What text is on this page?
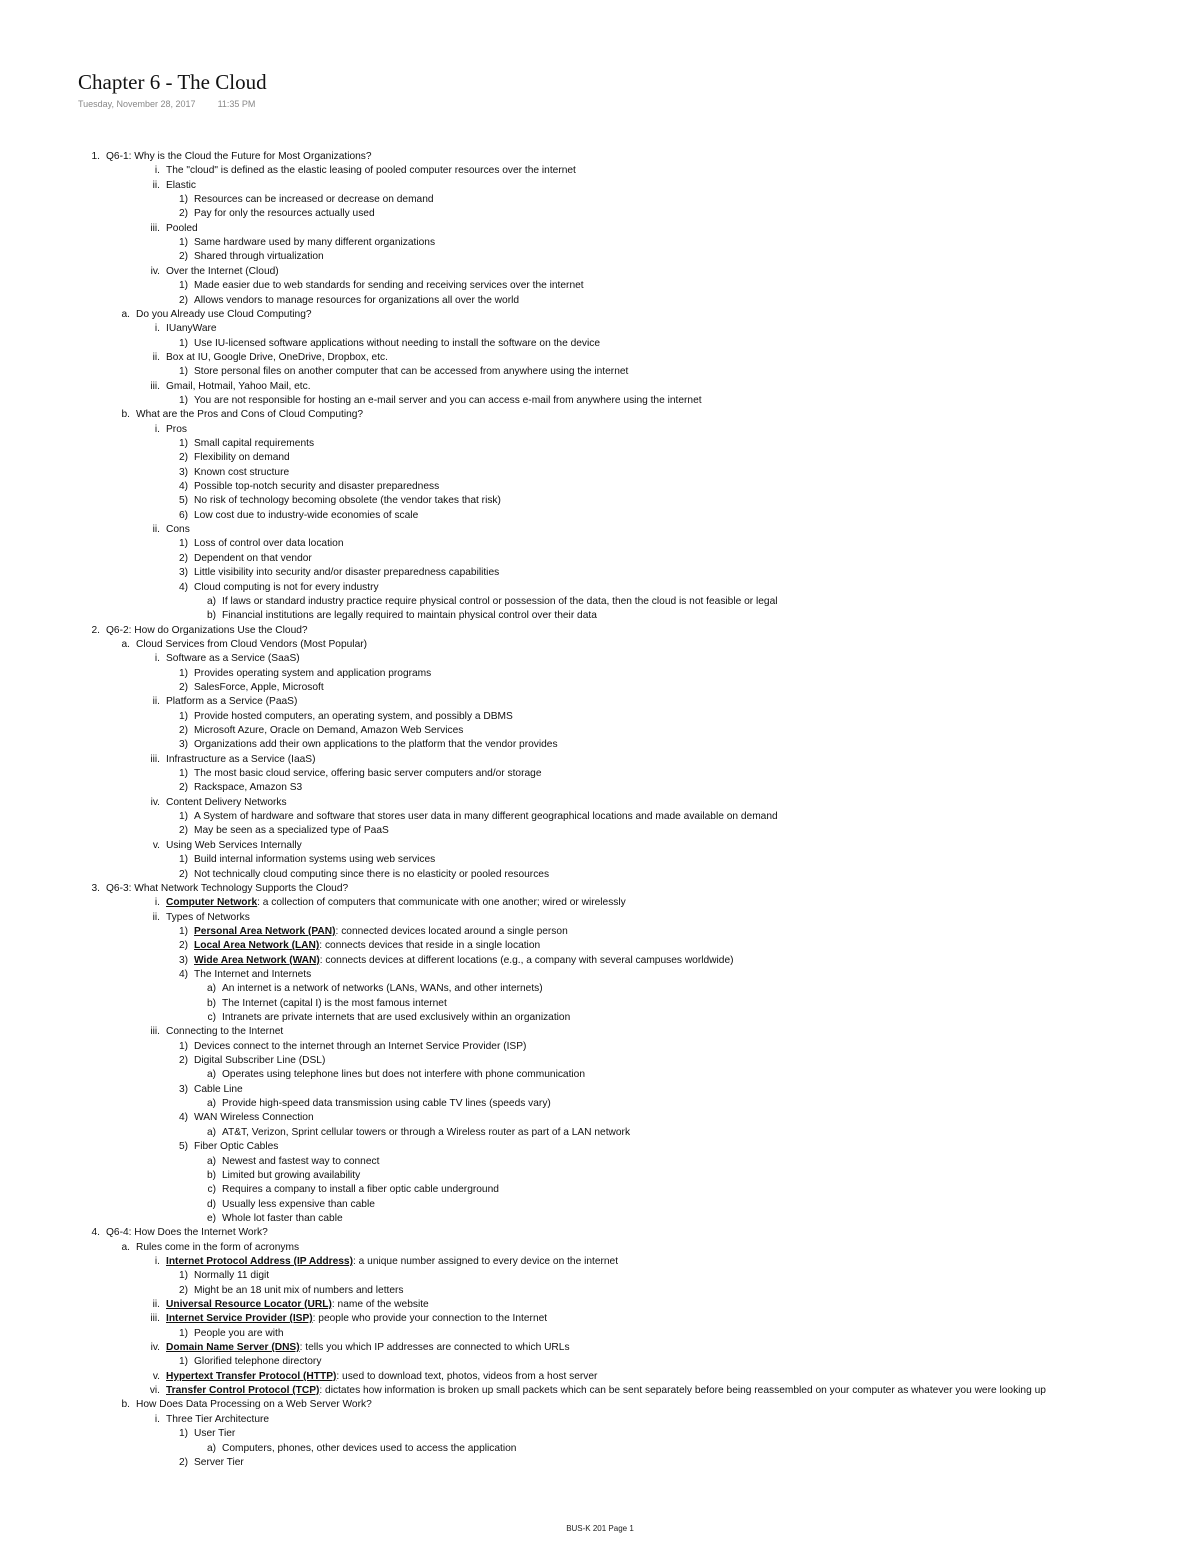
Chapter 6 - The Cloud
Tuesday, November 28, 2017 11:35 PM
1. Q6-1: Why is the Cloud the Future for Most Organizations?
i. The "cloud" is defined as the elastic leasing of pooled computer resources over the internet
ii. Elastic
1) Resources can be increased or decrease on demand
2) Pay for only the resources actually used
iii. Pooled
1) Same hardware used by many different organizations
2) Shared through virtualization
iv. Over the Internet (Cloud)
1) Made easier due to web standards for sending and receiving services over the internet
2) Allows vendors to manage resources for organizations all over the world
a. Do you Already use Cloud Computing?
i. IUanyWare
1) Use IU-licensed software applications without needing to install the software on the device
ii. Box at IU, Google Drive, OneDrive, Dropbox, etc.
1) Store personal files on another computer that can be accessed from anywhere using the internet
iii. Gmail, Hotmail, Yahoo Mail, etc.
1) You are not responsible for hosting an e-mail server and you can access e-mail from anywhere using the internet
b. What are the Pros and Cons of Cloud Computing?
i. Pros
1) Small capital requirements
2) Flexibility on demand
3) Known cost structure
4) Possible top-notch security and disaster preparedness
5) No risk of technology becoming obsolete (the vendor takes that risk)
6) Low cost due to industry-wide economies of scale
ii. Cons
1) Loss of control over data location
2) Dependent on that vendor
3) Little visibility into security and/or disaster preparedness capabilities
4) Cloud computing is not for every industry
a) If laws or standard industry practice require physical control or possession of the data, then the cloud is not feasible or legal
b) Financial institutions are legally required to maintain physical control over their data
2. Q6-2: How do Organizations Use the Cloud?
a. Cloud Services from Cloud Vendors (Most Popular)
i. Software as a Service (SaaS)
1) Provides operating system and application programs
2) SalesForce, Apple, Microsoft
ii. Platform as a Service (PaaS)
1) Provide hosted computers, an operating system, and possibly a DBMS
2) Microsoft Azure, Oracle on Demand, Amazon Web Services
3) Organizations add their own applications to the platform that the vendor provides
iii. Infrastructure as a Service (IaaS)
1) The most basic cloud service, offering basic server computers and/or storage
2) Rackspace, Amazon S3
iv. Content Delivery Networks
1) A System of hardware and software that stores user data in many different geographical locations and made available on demand
2) May be seen as a specialized type of PaaS
v. Using Web Services Internally
1) Build internal information systems using web services
2) Not technically cloud computing since there is no elasticity or pooled resources
3. Q6-3: What Network Technology Supports the Cloud?
i. Computer Network: a collection of computers that communicate with one another; wired or wirelessly
ii. Types of Networks
1) Personal Area Network (PAN): connected devices located around a single person
2) Local Area Network (LAN): connects devices that reside in a single location
3) Wide Area Network (WAN): connects devices at different locations (e.g., a company with several campuses worldwide)
4) The Internet and Internets
a) An internet is a network of networks (LANs, WANs, and other internets)
b) The Internet (capital I) is the most famous internet
c) Intranets are private internets that are used exclusively within an organization
iii. Connecting to the Internet
1) Devices connect to the internet through an Internet Service Provider (ISP)
2) Digital Subscriber Line (DSL)
a) Operates using telephone lines but does not interfere with phone communication
3) Cable Line
a) Provide high-speed data transmission using cable TV lines (speeds vary)
4) WAN Wireless Connection
a) AT&T, Verizon, Sprint cellular towers or through a Wireless router as part of a LAN network
5) Fiber Optic Cables
a) Newest and fastest way to connect
b) Limited but growing availability
c) Requires a company to install a fiber optic cable underground
d) Usually less expensive than cable
e) Whole lot faster than cable
4. Q6-4: How Does the Internet Work?
a. Rules come in the form of acronyms
i. Internet Protocol Address (IP Address): a unique number assigned to every device on the internet
1) Normally 11 digit
2) Might be an 18 unit mix of numbers and letters
ii. Universal Resource Locator (URL): name of the website
iii. Internet Service Provider (ISP): people who provide your connection to the Internet
1) People you are with
iv. Domain Name Server (DNS): tells you which IP addresses are connected to which URLs
1) Glorified telephone directory
v. Hypertext Transfer Protocol (HTTP): used to download text, photos, videos from a host server
vi. Transfer Control Protocol (TCP): dictates how information is broken up small packets which can be sent separately before being reassembled on your computer as whatever you were looking up
b. How Does Data Processing on a Web Server Work?
i. Three Tier Architecture
1) User Tier
a) Computers, phones, other devices used to access the application
2) Server Tier
BUS-K 201 Page 1
